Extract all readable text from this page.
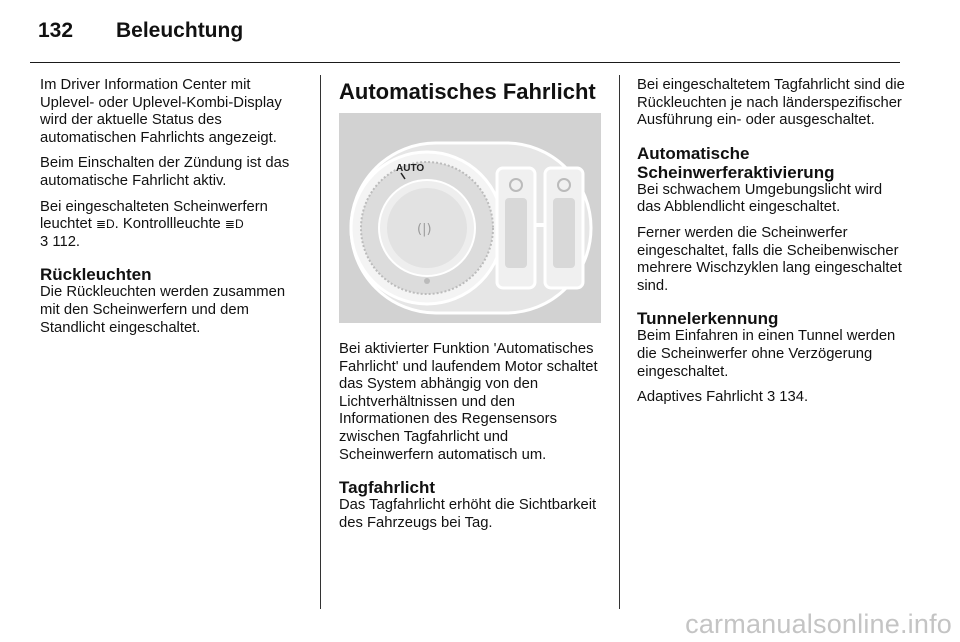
132 Beleuchtung

Im Driver Information Center mit Uplevel- oder Uplevel-Kombi-Display wird der aktuelle Status des automatischen Fahrlichts angezeigt.

Beim Einschalten der Zündung ist das automatische Fahrlicht aktiv.

Bei eingeschalteten Scheinwerfern leuchtet ≣D. Kontrollleuchte ≣D
3 112.

Rückleuchten

Die Rückleuchten werden zusammen mit den Scheinwerfern und dem Standlicht eingeschaltet.

Automatisches Fahrlicht
(|)
AUTO

Bei aktivierter Funktion 'Automatisches Fahrlicht' und laufendem Motor schaltet das System abhängig von den Lichtverhältnissen und den Informationen des Regensensors zwischen Tagfahrlicht und Scheinwerfern automatisch um.

Tagfahrlicht

Das Tagfahrlicht erhöht die Sichtbarkeit des Fahrzeugs bei Tag.

Bei eingeschaltetem Tagfahrlicht sind die Rückleuchten je nach länderspezifischer Ausführung ein- oder ausgeschaltet.

Automatische Scheinwerferaktivierung

Bei schwachem Umgebungslicht wird das Abblendlicht eingeschaltet.

Ferner werden die Scheinwerfer eingeschaltet, falls die Scheibenwischer mehrere Wischzyklen lang eingeschaltet sind.

Tunnelerkennung

Beim Einfahren in einen Tunnel werden die Scheinwerfer ohne Verzögerung eingeschaltet.

Adaptives Fahrlicht 3 134.

carmanualsonline.info
